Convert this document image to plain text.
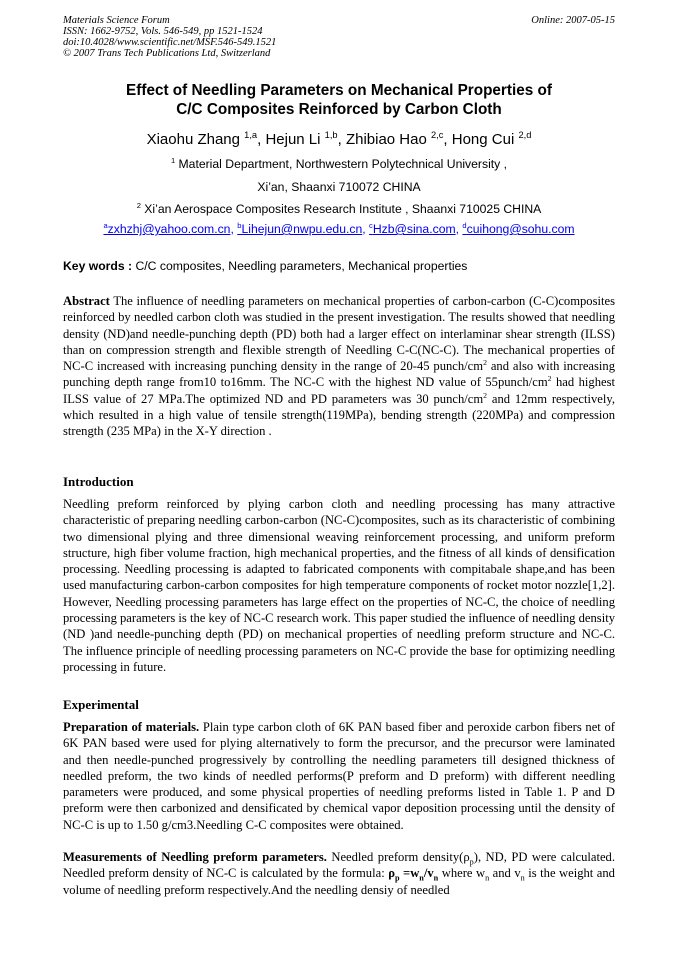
Materials Science Forum
ISSN: 1662-9752, Vols. 546-549, pp 1521-1524
doi:10.4028/www.scientific.net/MSF.546-549.1521
© 2007 Trans Tech Publications Ltd, Switzerland
Online: 2007-05-15
Effect of Needling Parameters on Mechanical Properties of
C/C Composites Reinforced by Carbon Cloth
Xiaohu Zhang $^{1,a}$, Hejun Li $^{1,b}$, Zhibiao Hao $^{2,c}$, Hong Cui $^{2,d}$
$^1$ Material Department, Northwestern Polytechnical University ,
Xi’an, Shaanxi 710072 CHINA
$^2$ Xi’an Aerospace Composites Research Institute , Shaanxi 710025 CHINA
$^a$zxhzhj@yahoo.com.cn, $^b$Lihejun@nwpu.edu.cn, $^c$Hzb@sina.com, $^d$cuihong@sohu.com
Key words : C/C composites, Needling parameters, Mechanical properties
Abstract The influence of needling parameters on mechanical properties of carbon-carbon (C-C)composites reinforced by needled carbon cloth was studied in the present investigation. The results showed that needling density (ND)and needle-punching depth (PD) both had a larger effect on interlaminar shear strength (ILSS) than on compression strength and flexible strength of Needling C-C(NC-C). The mechanical properties of NC-C increased with increasing punching density in the range of 20-45 punch/$cm^2$ and also with increasing punching depth range from10 to16mm. The NC-C with the highest ND value of $55punch/cm^2$ had highest ILSS value of 27 MPa.The optimized ND and PD parameters was 30 punch/$cm^2$ and 12mm respectively, which resulted in a high value of tensile strength(119MPa), bending strength (220MPa) and compression strength (235 MPa) in the X-Y direction .
Introduction
Needling preform reinforced by plying carbon cloth and needling processing has many attractive characteristic of preparing needling carbon-carbon (NC-C)composites, such as its characteristic of combining two dimensional plying and three dimensional weaving reinforcement processing, and uniform preform structure, high fiber volume fraction, high mechanical properties, and the fitness of all kinds of densification processing. Needling processing is adapted to fabricated components with compitabale shape,and has been used manufacturing carbon-carbon composites for high temperature components of rocket motor nozzle[1,2]. However, Needling processing parameters has large effect on the properties of NC-C, the choice of needling processing parameters is the key of NC-C research work. This paper studied the influence of needling density (ND )and needle-punching depth (PD) on mechanical properties of needling preform structure and NC-C. The influence principle of needling processing parameters on NC-C provide the base for optimizing needling processing in future.
Experimental
Preparation of materials. Plain type carbon cloth of 6K PAN based fiber and peroxide carbon fibers net of 6K PAN based were used for plying alternatively to form the precursor, and the precursor were laminated and then needle-punched progressively by controlling the needling parameters till designed thickness of needled preform, the two kinds of needled performs(P preform and D preform) with different needling parameters were produced, and some physical properties of needling preforms listed in Table 1. P and D preform were then carbonized and densificated by chemical vapor deposition processing until the density of NC-C is up to 1.50 g/cm3.Needling C-C composites were obtained.
Measurements of Needling preform parameters. Needled preform $density(\rho_p)$, ND, PD were calculated. Needled preform density of NC-C is calculated by the formula: $\rho_p =w_n/v_n$ where $w_n$ and $v_n$ is the weight and volume of needling preform respectively.And the needling densiy of needled
